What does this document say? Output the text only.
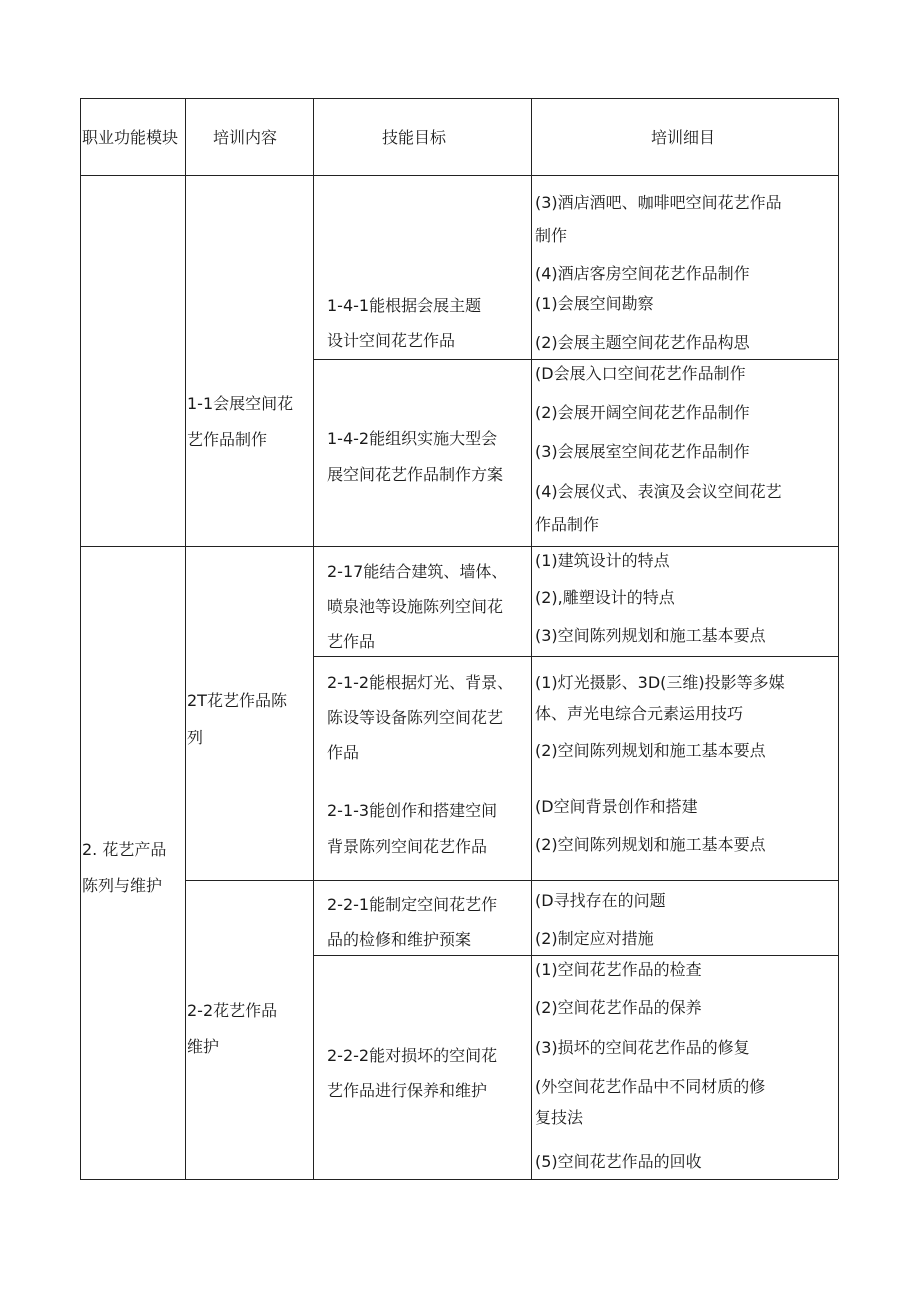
职业功能模块 培训内容	技能目标	培训细目
2. 花艺产品
陈列与维护
1-1会展空间花
艺作品制作
2T花艺作品陈
列
2-2花艺作品
维护
1-4-1能根据会展主题
设计空间花艺作品
1-4-2能组织实施大型会
展空间花艺作品制作方案
2-17能结合建筑、墙体、
喷泉池等设施陈列空间花
艺作品
2-1-2能根据灯光、背景、
陈设等设备陈列空间花艺
作品
2-1-3能创作和搭建空间
背景陈列空间花艺作品
2-2-1能制定空间花艺作
品的检修和维护预案
2-2-2能对损坏的空间花
艺作品进行保养和维护
(3)酒店酒吧、咖啡吧空间花艺作品
制作
(4)酒店客房空间花艺作品制作
(1)会展空间勘察
(2)会展主题空间花艺作品构思
(D会展入口空间花艺作品制作
(2)会展开阔空间花艺作品制作
(3)会展展室空间花艺作品制作
(4)会展仪式、表演及会议空间花艺
作品制作
(1)建筑设计的特点
(2),雕塑设计的特点
(3)空间陈列规划和施工基本要点
(1)灯光摄影、3D(三维)投影等多媒
体、声光电综合元素运用技巧
(2)空间陈列规划和施工基本要点
(D空间背景创作和搭建
(2)空间陈列规划和施工基本要点
(D寻找存在的问题
(2)制定应对措施
(1)空间花艺作品的检查
(2)空间花艺作品的保养
(3)损坏的空间花艺作品的修复
(外空间花艺作品中不同材质的修
复技法
(5)空间花艺作品的回收
